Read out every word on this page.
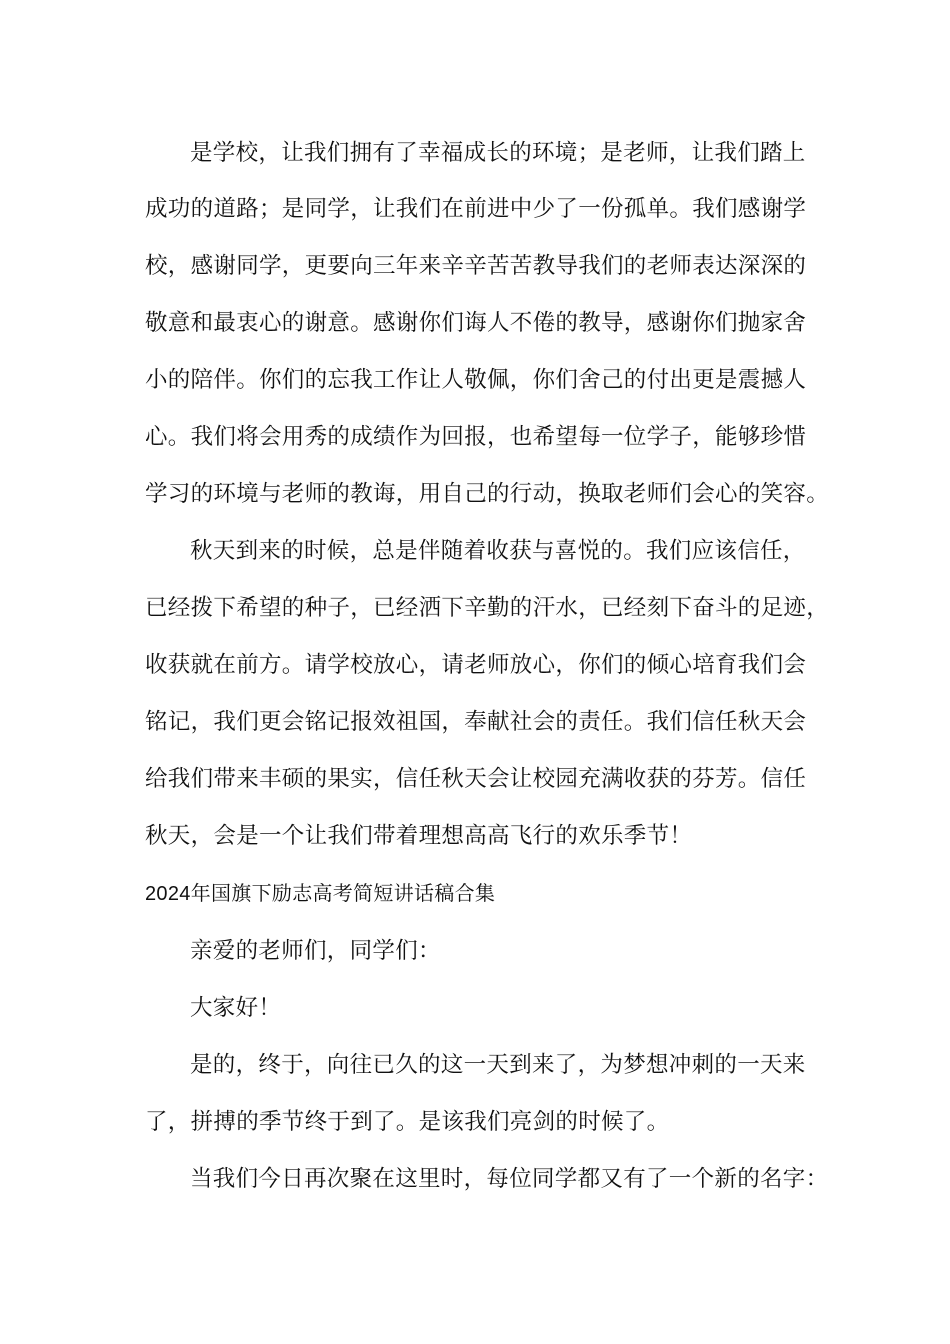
是学校，让我们拥有了幸福成长的环境；是老师，让我们踏上
成功的道路；是同学，让我们在前进中少了一份孤单。我们感谢学
校，感谢同学，更要向三年来辛辛苦苦教导我们的老师表达深深的
敬意和最衷心的谢意。感谢你们诲人不倦的教导，感谢你们抛家舍
小的陪伴。你们的忘我工作让人敬佩，你们舍己的付出更是震撼人
心。我们将会用秀的成绩作为回报，也希望每一位学子，能够珍惜
学习的环境与老师的教诲，用自己的行动，换取老师们会心的笑容。
秋天到来的时候，总是伴随着收获与喜悦的。我们应该信任，
已经拨下希望的种子，已经洒下辛勤的汗水，已经刻下奋斗的足迹，
收获就在前方。请学校放心，请老师放心，你们的倾心培育我们会
铭记，我们更会铭记报效祖国，奉献社会的责任。我们信任秋天会
给我们带来丰硕的果实，信任秋天会让校园充满收获的芬芳。信任
秋天，会是一个让我们带着理想高高飞行的欢乐季节！
2024年国旗下励志高考简短讲话稿合集
亲爱的老师们，同学们：
大家好！
是的，终于，向往已久的这一天到来了，为梦想冲刺的一天来
了，拼搏的季节终于到了。是该我们亮剑的时候了。
当我们今日再次聚在这里时，每位同学都又有了一个新的名字：
